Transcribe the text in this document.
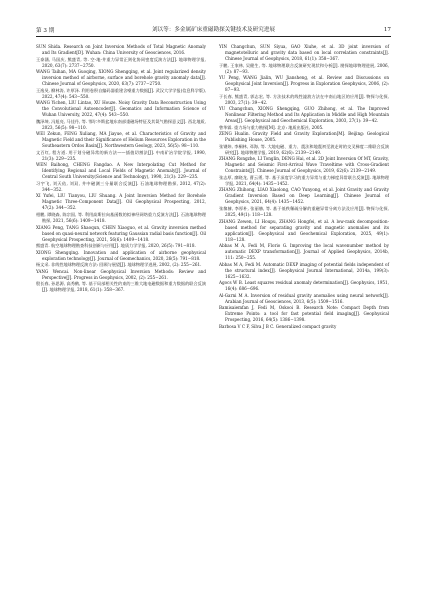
第 3 期	刘以等：多金属矿床重磁勘探关键技术及研究进展	17

SUN Shida. Research on Joint Inversion Methods of Total Magnetic Anomaly and Its Gradient[D]. Wuhan: China University of Geosciences, 2016.

王泰涵, 马国庆, 熊盛青, 等. 空-地-井重力异常正则化协同密度反演方法[J]. 地球物理学报, 2020, 63(7): 2737−2750.

WANG Taihan, MA Guoqing, XIONG Shengqing, et al. Joint regularized density inversion method of airborne, surface and borehole gravity anomaly data[J]. Chinese Journal of Geophysics, 2020, 63(7): 2737−2750.

王逸旻, 柳林涛, 许厚泽. 利用卷积自编码器重建含噪重力数据[J]. 武汉大学学报(信息科学版), 2022, 47(4): 543−550.

WANG Yichen, LIU Lintao, XU Houze. Noisy Gravity Data Reconstruction Using the Convolutional Autoencoder[J]. Geomatics and Information Science of Wuhan University, 2022, 47(4): 543−550.

魏泽坤, 冯旭亮, 马佳丹, 等. 鄂尔多斯盆地东南部重磁场特征及其氦气勘探意义[J]. 西北地质, 2023, 56(5): 98−110.

WEI Zekun, FENG Xuliang, MA Jiayue, et al. Characteristics of Gravity and Magnetic Field and their Significance of Helium Resources Exploration in the Southeastern Ordos Basin[J]. Northwestern Geology, 2023, 56(5): 98−110.

文百红, 程方道. 用于划分磁异常的新方法——插值切割法[J]. 中南矿冶学院学报, 1990, 21(3): 229−235.

WEN Baihong, CHENG Fangdao. A New Interpolating Cut Method for Identifying Regional and Local Fields of Magnetic Anomaly[J]. Journal of Central South University(Science and Technology), 1990, 21(3): 229−235.

习宇飞, 刘天佑, 刘双, 井中磁测三分量联合反演[J]. 石油地球物理勘探, 2012, 47(2): 344−352.

XI Yufei, LIU Tianyou, LIU Shuang. A Joint Inversion Method for Borehole Magnetic Three-Component Data[J]. Oil Geophysical Prospecting, 2012, 47(2): 344−352.

相鹏, 谭晓森, 陈宗国, 等. 利用高斯拉向基函数的拟神经网络重力反演方法[J]. 石油地球物理勘探, 2021, 56(6): 1409−1418.

XIANG Peng, TANG Shaoqun, CHEN Xiaoguo, et al. Gravity inversion method based on quasi-neural network featuring Gaussian radial basis function[J]. Oil Geophysical Prospecting, 2021, 56(6): 1409−1418.

熊盛青. 航空地球物理勘查科技创新与应用[J]. 地质力学学报, 2020, 26(5): 791−818.

XIONG Shengqing. Innovation and application of airborne geophysical exploration technology[J]. Journal of Geomechanics, 2020, 26(5): 791−818.

杨文采. 非线性地球物理反演方法: 回顾与展望[J]. 地球物理学进展, 2002, (2): 255−261.

YANG Wencai. Non-linear Geophysical Inversion Methods: Review and Perspective[J]. Progress in Geophysics, 2002, (2): 255−261.

殷长春, 孙思源, 高秀鹤, 等. 基于局部相关性约束的三维大地电磁数据和重力数据的联合反演[J]. 地球物理学报, 2018, 61(1): 358−367.

YIN Changchun, SUN Siyua, GAO Xiuhe, et al. 3D joint inversion of magnetotelluric and gravity data based on local correlation constraints[J]. Chinese Journal of Geophysics, 2018, 61(1): 358−367.

于鹏, 王家林, 吴健生, 等. 地球物理联合反演研究现状和分析[J]. 勘探地球物理进展, 2006, (2): 87−93.

YU Peng, WANG Jialin, WU Jiansheng, et al. Review and Discussions on Geophysical Joint Inversion[J]. Progress in Exploration Geophysics, 2006, (2): 87−93.

于长春, 熊盛青, 郭志宏, 等. 方法技术的线性滤波方法在中南山地区的应用[J]. 物探与化探, 2003, 27(1): 39−42.

YU Changchun, XIONG Shengqing, GUO Zhihong, et al. The Improved Nonlinear Filtering Method and Its Application in Middle and High Mountain Areas[J]. Geophysical and Geochemical Exploration, 2003, 27(1): 39−42.

曾华霖. 重力场与重力勘探[M]. 北京: 地质出版社, 2005.

ZENG Hualin. Gravity Field and Gravity Exploration[M]. Beijing: Geological Publishing House, 2005.

张钢炜, 李桐林, 邓海, 等. 大地电磁、重力、震法和地震初至波走时的交叉梯度二维联合反演研究[J]. 地球物理学报, 2019, 62(6): 2139−2149.

ZHANG Rongzhe, LI Tonglin, DENG Hai, et al. 2D Joint Inversion Of MT, Gravity, Magnetic and Seismic First-Arrival Wave Traveltime with Cross-Gradient Constraints[J]. Chinese Journal of Geophysics, 2019, 62(6): 2139−2149.

张志厚, 廖晓龙, 曹云勇, 等. 基于深度学习的重力异常与重力梯度异常联合反演[J]. 地球物理学报, 2021, 64(4): 1435−1452.

ZHANG Zhihong, LIAO Xiaolong, CAO Yunyong, et al. Joint Gravity and Gravity Gradient Inversion Based on Deep Learning[J]. Chinese Journal of Geophysics, 2021, 64(4): 1435−1452.

张黎赫, 李厚朴, 张丽赫, 等. 基于低秩稀疏分解的重磁异常分离方法及应用[J]. 物探与化探, 2025, 49(1): 118−128.

ZHANG Zewen, LI Houpu, ZHANG Hongfei, et al. A low-rank decomposition-based method for separating gravity and magnetic anomalies and its application[J]. Geophysical and Geochemical Exploration, 2025, 49(1): 118−128.

Abbas M A, Fedi M, Florio G. Improving the local wavenumber method by automatic DEXP transformation[J]. Journal of Applied Geophysics, 2014b, 111: 250−255.

Abbas M A, Fedi M. Automatic DEXP imaging of potential fields independent of the structural index[J]. Geophysical Journal International, 2014a, 199(3): 1625−1632.

Agocs W B. Least squares residual anomaly determination[J]. Geophysics, 1951, 16(4): 686−696.

Al-Garni M A. Inversion of residual gravity anomalies using neural network[J]. Arabian Journal of Geosciences, 2013, 6(5): 1509−1516.

Bamisaiemfan J, Fedi M, Oskooi B. Research Note: Compact Depth from Extreme Points: a tool for fast potential field imaging[J]. Geophysical Prospecting, 2016, 64(5): 1386−1398.

Barbosa V C F, Silva J B C. Generalized compact gravity
